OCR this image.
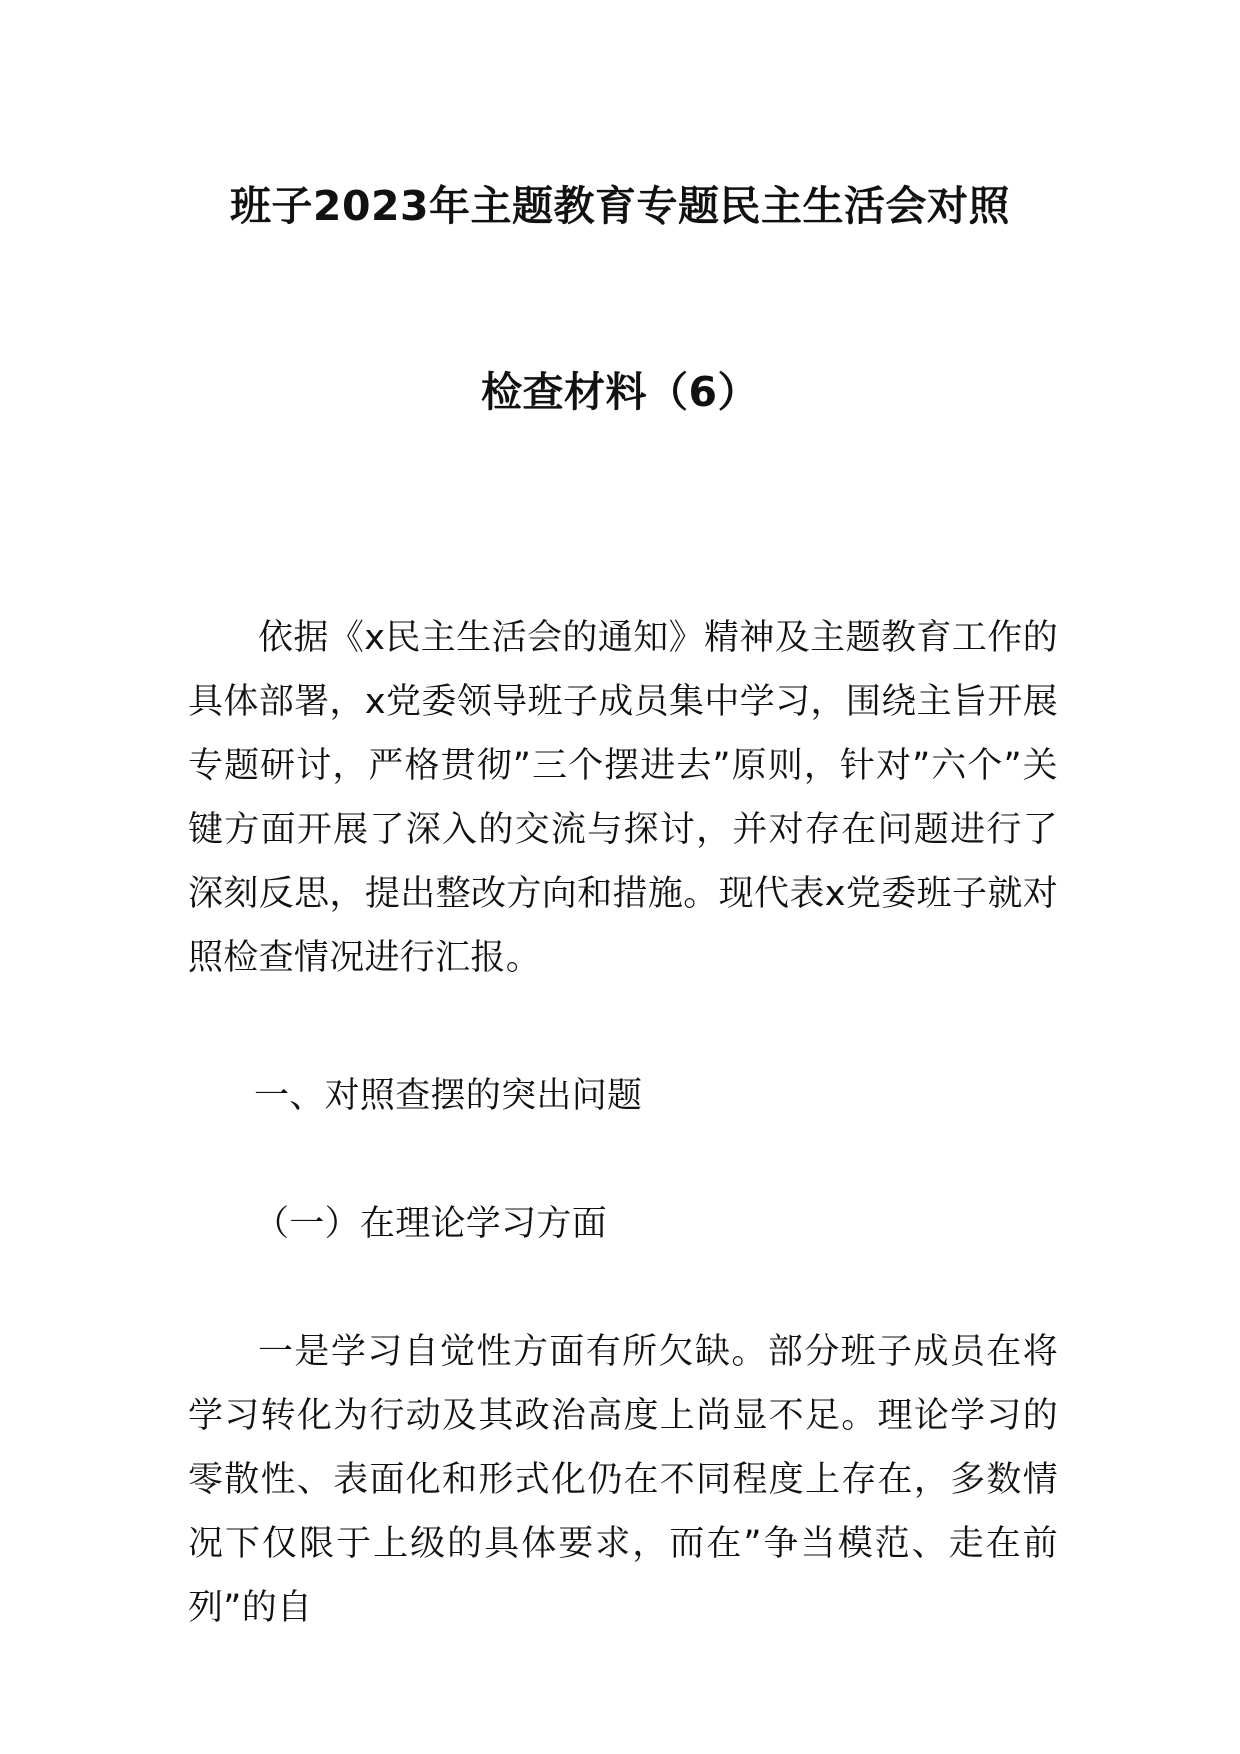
班子2023年主题教育专题民主生活会对照
检查材料（6）
依据《x民主生活会的通知》精神及主题教育工作的具体部署，x党委领导班子成员集中学习，围绕主旨开展专题研讨，严格贯彻”三个摆进去”原则，针对”六个”关键方面开展了深入的交流与探讨，并对存在问题进行了深刻反思，提出整改方向和措施。现代表x党委班子就对照检查情况进行汇报。
一、对照查摆的突出问题
（一）在理论学习方面
一是学习自觉性方面有所欠缺。部分班子成员在将学习转化为行动及其政治高度上尚显不足。理论学习的零散性、表面化和形式化仍在不同程度上存在，多数情况下仅限于上级的具体要求，而在”争当模范、走在前列”的自
